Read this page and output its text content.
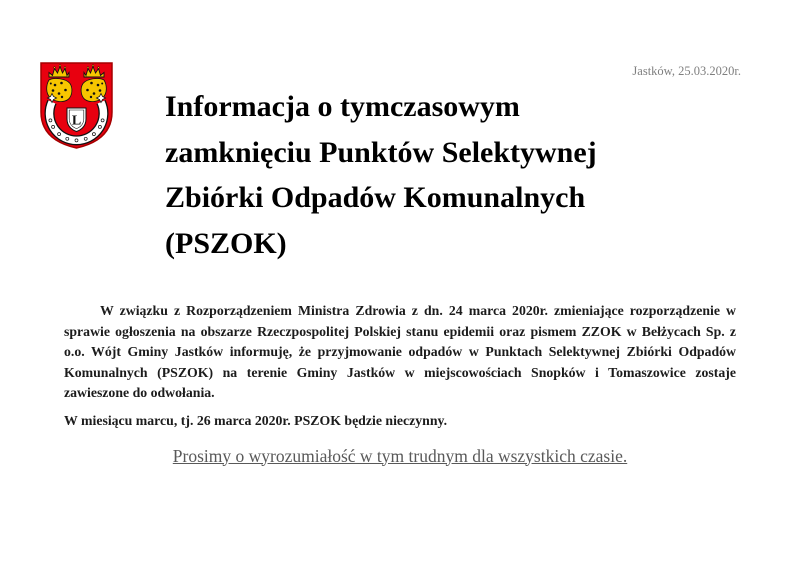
L
Jastków, 25.03.2020r.
Informacja o tymczasowym
zamknięciu Punktów Selektywnej
Zbiórki Odpadów Komunalnych
(PSZOK)

W związku z Rozporządzeniem Ministra Zdrowia z dn. 24 marca 2020r. zmieniające rozporządzenie w sprawie ogłoszenia na obszarze Rzeczpospolitej Polskiej stanu epidemii oraz pismem ZZOK w Bełżycach Sp. z o.o. Wójt Gminy Jastków informuję, że przyjmowanie odpadów w Punktach Selektywnej Zbiórki Odpadów Komunalnych (PSZOK) na terenie Gminy Jastków w miejscowościach Snopków i Tomaszowice zostaje zawieszone do odwołania.

W miesiącu marcu, tj. 26 marca 2020r. PSZOK będzie nieczynny.

Prosimy o wyrozumiałość w tym trudnym dla wszystkich czasie.
